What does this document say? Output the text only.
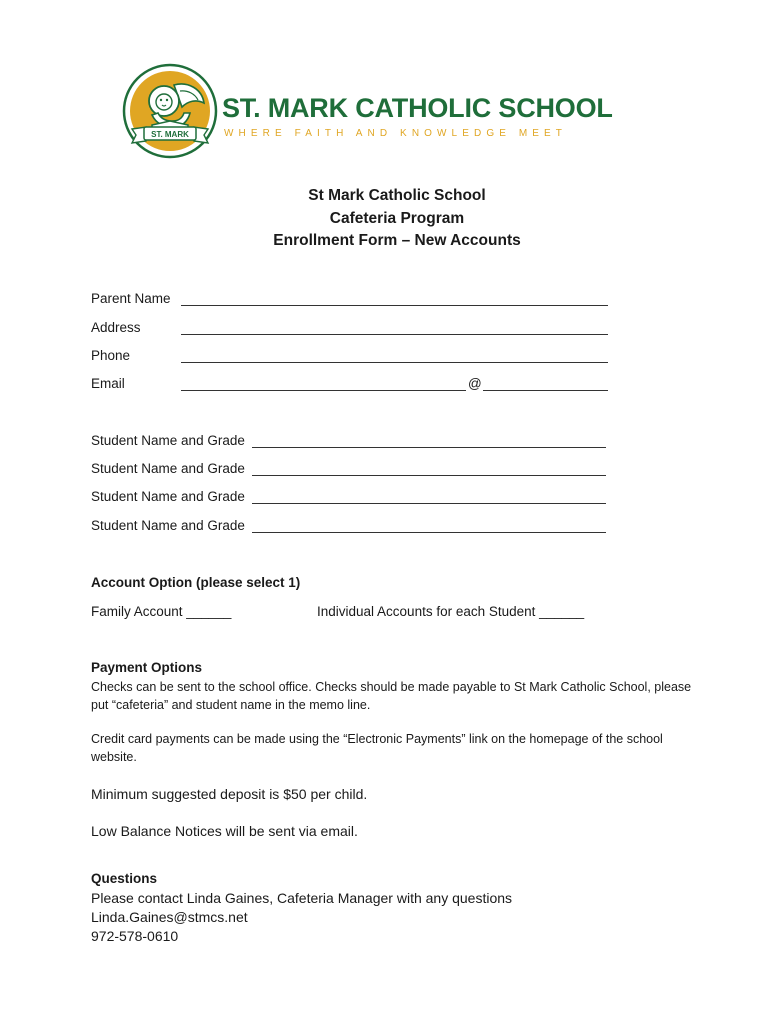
ST. MARK
ST. MARK CATHOLIC SCHOOL
WHERE FAITH AND KNOWLEDGE MEET
St Mark Catholic School
Cafeteria Program
Enrollment Form – New Accounts
Parent Name
Address
Phone
Email	@
Student Name and Grade
Student Name and Grade
Student Name and Grade
Student Name and Grade
Account Option (please select 1)
Family Account ______	Individual Accounts for each Student ______
Payment Options
Checks can be sent to the school office. Checks should be made payable to St Mark Catholic School, please put “cafeteria” and student name in the memo line.
Credit card payments can be made using the “Electronic Payments” link on the homepage of the school website.
Minimum suggested deposit is $50 per child.
Low Balance Notices will be sent via email.
Questions
Please contact Linda Gaines, Cafeteria Manager with any questions
Linda.Gaines@stmcs.net
972-578-0610
